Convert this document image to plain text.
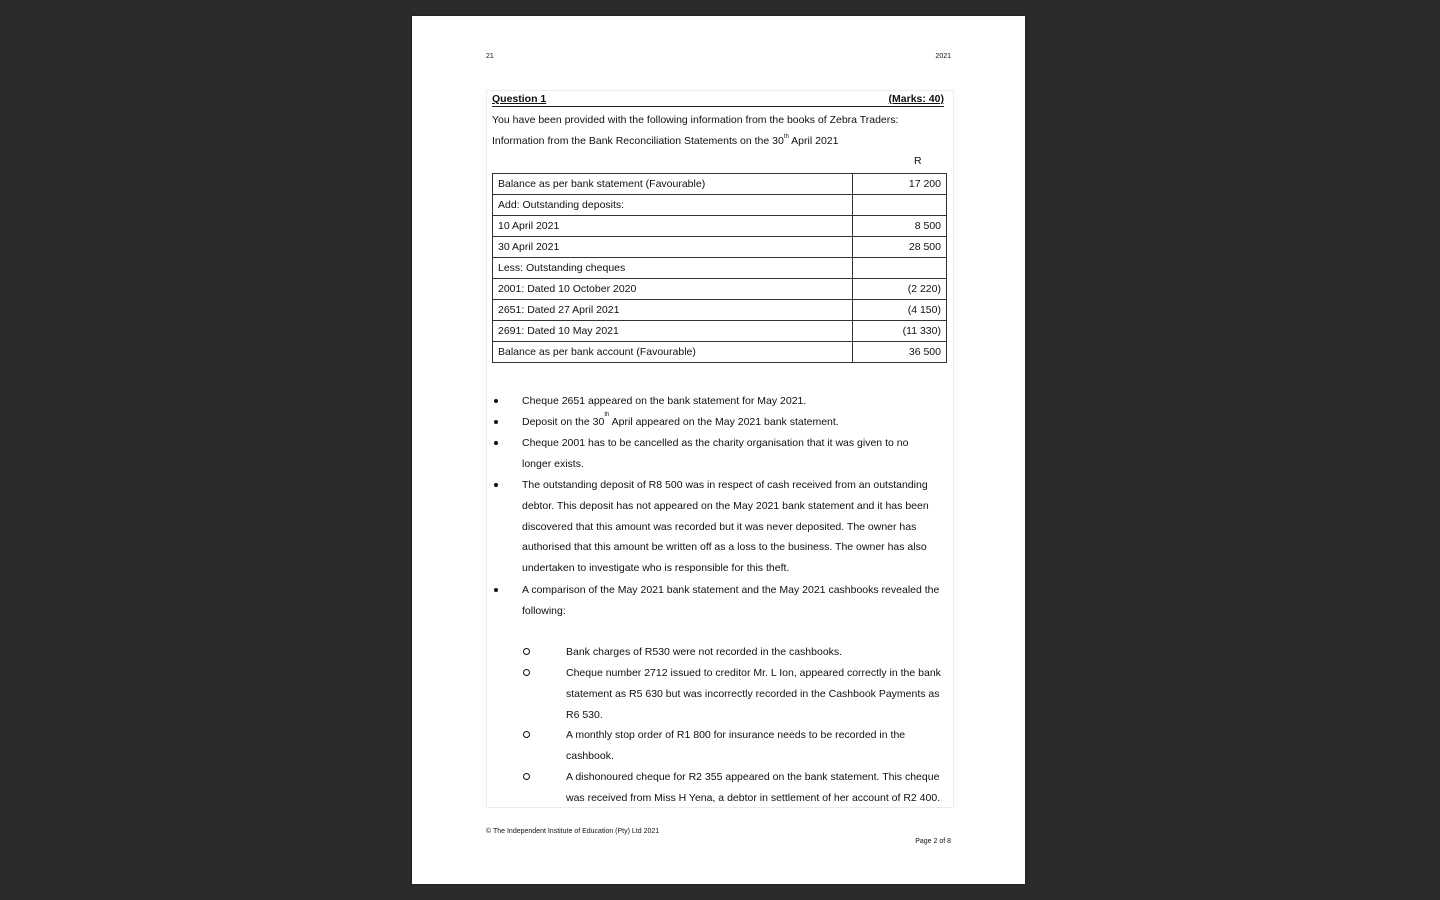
21	2021
Question 1	(Marks: 40)
You have been provided with the following information from the books of Zebra Traders:
Information from the Bank Reconciliation Statements on the 30th April 2021
R
Balance as per bank statement (Favourable)	17 200
Add: Outstanding deposits:	
10 April 2021	8 500
30 April 2021	28 500
Less: Outstanding cheques	
2001: Dated 10 October 2020	(2 220)
2651: Dated 27 April 2021	(4 150)
2691: Dated 10 May 2021	(11 330)
Balance as per bank account (Favourable)	36 500
Cheque 2651 appeared on the bank statement for May 2021.
Deposit on the 30th April appeared on the May 2021 bank statement.
Cheque 2001 has to be cancelled as the charity organisation that it was given to no longer exists.
The outstanding deposit of R8 500 was in respect of cash received from an outstanding debtor. This deposit has not appeared on the May 2021 bank statement and it has been discovered that this amount was recorded but it was never deposited. The owner has authorised that this amount be written off as a loss to the business. The owner has also undertaken to investigate who is responsible for this theft.
A comparison of the May 2021 bank statement and the May 2021 cashbooks revealed the following:
Bank charges of R530 were not recorded in the cashbooks.
Cheque number 2712 issued to creditor Mr. L Ion, appeared correctly in the bank statement as R5 630 but was incorrectly recorded in the Cashbook Payments as R6 530.
A monthly stop order of R1 800 for insurance needs to be recorded in the cashbook.
A dishonoured cheque for R2 355 appeared on the bank statement. This cheque was received from Miss H Yena, a debtor in settlement of her account of R2 400.
© The Independent Institute of Education (Pty) Ltd 2021
Page 2 of 8
